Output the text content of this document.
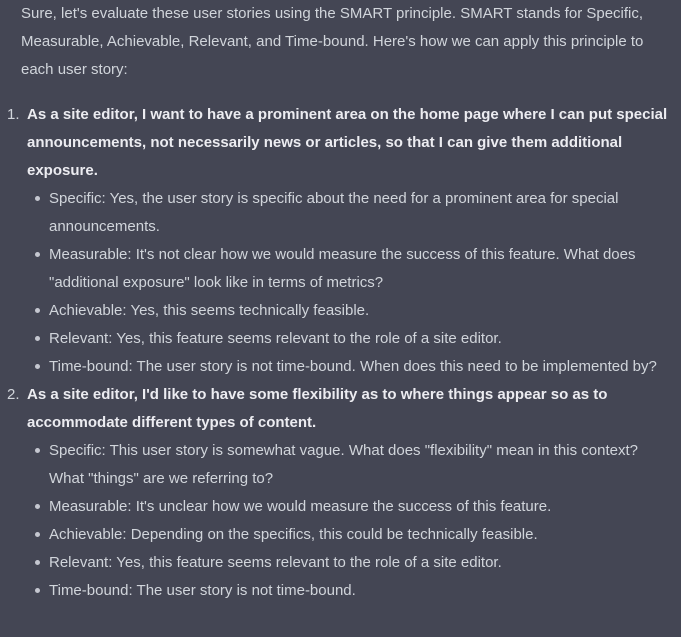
Sure, let's evaluate these user stories using the SMART principle. SMART stands for Specific, Measurable, Achievable, Relevant, and Time-bound. Here's how we can apply this principle to each user story:

1. As a site editor, I want to have a prominent area on the home page where I can put special announcements, not necessarily news or articles, so that I can give them additional exposure.
Specific: Yes, the user story is specific about the need for a prominent area for special announcements.
Measurable: It's not clear how we would measure the success of this feature. What does "additional exposure" look like in terms of metrics?
Achievable: Yes, this seems technically feasible.
Relevant: Yes, this feature seems relevant to the role of a site editor.
Time-bound: The user story is not time-bound. When does this need to be implemented by?
2. As a site editor, I'd like to have some flexibility as to where things appear so as to accommodate different types of content.
Specific: This user story is somewhat vague. What does "flexibility" mean in this context? What "things" are we referring to?
Measurable: It's unclear how we would measure the success of this feature.
Achievable: Depending on the specifics, this could be technically feasible.
Relevant: Yes, this feature seems relevant to the role of a site editor.
Time-bound: The user story is not time-bound.
